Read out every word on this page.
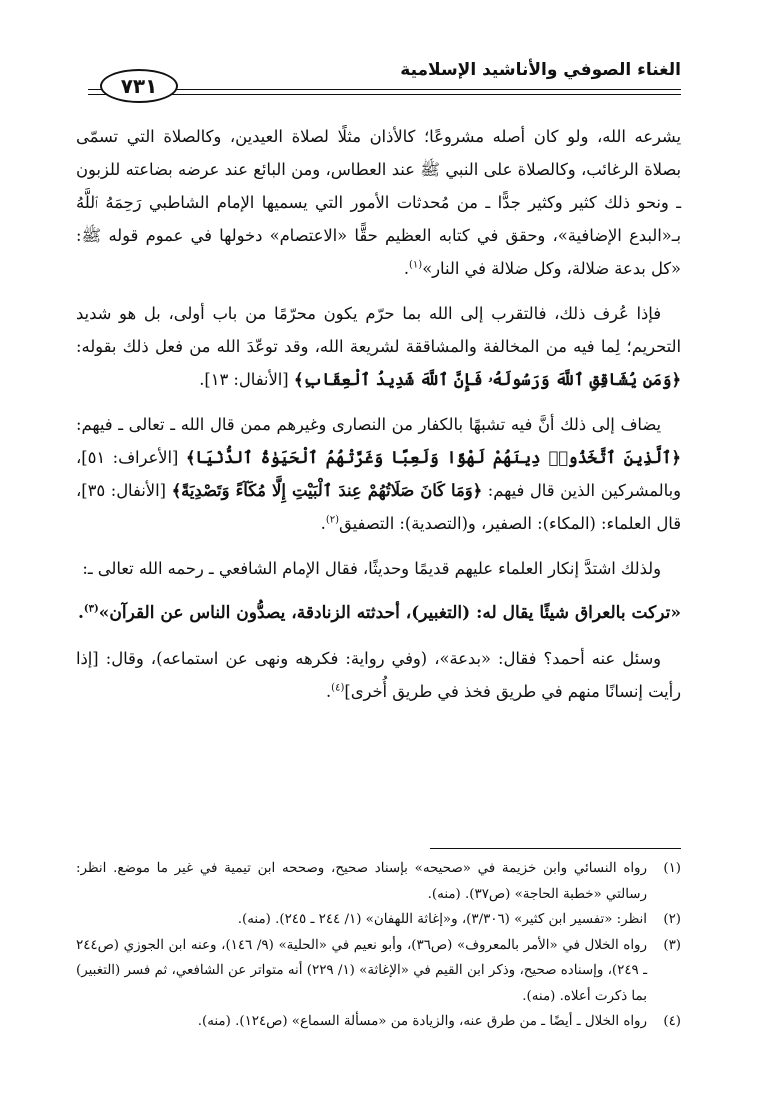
الغناء الصوفي والأناشيد الإسلامية
٧٣١

يشرعه الله، ولو كان أصله مشروعًا؛ كالأذان مثلًا لصلاة العيدين، وكالصلاة التي تسمّى بصلاة الرغائب، وكالصلاة على النبي ﷺ عند العطاس، ومن البائع عند عرضه بضاعته للزبون ـ ونحو ذلك كثير وكثير جدًّا ـ من مُحدثات الأمور التي يسميها الإمام الشاطبي رَحِمَهُ ٱللَّهُ بـ«البدع الإضافية»، وحقق في كتابه العظيم حقًّا «الاعتصام» دخولها في عموم قوله ﷺ: «كل بدعة ضلالة، وكل ضلالة في النار»$^{(١)}$.

فإذا عُرف ذلك، فالتقرب إلى الله بما حرّم يكون محرّمًا من باب أولى، بل هو شديد التحريم؛ لِما فيه من المخالفة والمشاققة لشريعة الله، وقد توعّدَ الله من فعل ذلك بقوله: ﴿وَمَن يُشَاقِقِ ٱللَّهَ وَرَسُولَهُۥ فَإِنَّ ٱللَّهَ شَدِيدُ ٱلْعِقَابِ﴾ [الأنفال: ١٣].

يضاف إلى ذلك أنَّ فيه تشبهًا بالكفار من النصارى وغيرهم ممن قال الله ـ تعالى ـ فيهم: ﴿ٱلَّذِينَ ٱتَّخَذُوا۟ دِينَهُمْ لَهْوًا وَلَعِبًا وَغَرَّتْهُمُ ٱلْحَيَوٰةُ ٱلدُّنْيَا﴾ [الأعراف: ٥١]، وبالمشركين الذين قال فيهم: ﴿وَمَا كَانَ صَلَاتُهُمْ عِندَ ٱلْبَيْتِ إِلَّا مُكَآءً وَتَصْدِيَةً﴾ [الأنفال: ٣٥]، قال العلماء: (المكاء): الصفير، و(التصدية): التصفيق$^{(٢)}$.

ولذلك اشتدَّ إنكار العلماء عليهم قديمًا وحديثًا، فقال الإمام الشافعي ـ رحمه الله تعالى ـ:

«تركت بالعراق شيئًا يقال له: (التغبير)، أحدثته الزنادقة، يصدُّون الناس عن القرآن»$^{(٣)}$.

وسئل عنه أحمد؟ فقال: «بدعة»، (وفي رواية: فكرهه ونهى عن استماعه)، وقال: [إذا رأيت إنسانًا منهم في طريق فخذ في طريق أُخرى]$^{(٤)}$.

(١)
رواه النسائي وابن خزيمة في «صحيحه» بإسناد صحيح، وصححه ابن تيمية في غير ما موضع. انظر: رسالتي «خطبة الحاجة» (ص٣٧). (منه).
(٢)
انظر: «تفسير ابن كثير» (٣/٣٠٦)، و«إغاثة اللهفان» (١/ ٢٤٤ ـ ٢٤٥). (منه).
(٣)
رواه الخلال في «الأمر بالمعروف» (ص٣٦)، وأبو نعيم في «الحلية» (٩/ ١٤٦)، وعنه ابن الجوزي (ص٢٤٤ ـ ٢٤٩)، وإسناده صحيح، وذكر ابن القيم في «الإغاثة» (١/ ٢٢٩) أنه متواتر عن الشافعي، ثم فسر (التغبير) بما ذكرت أعلاه. (منه).
(٤)
رواه الخلال ـ أيضًا ـ من طرق عنه، والزيادة من «مسألة السماع» (ص١٢٤). (منه).
